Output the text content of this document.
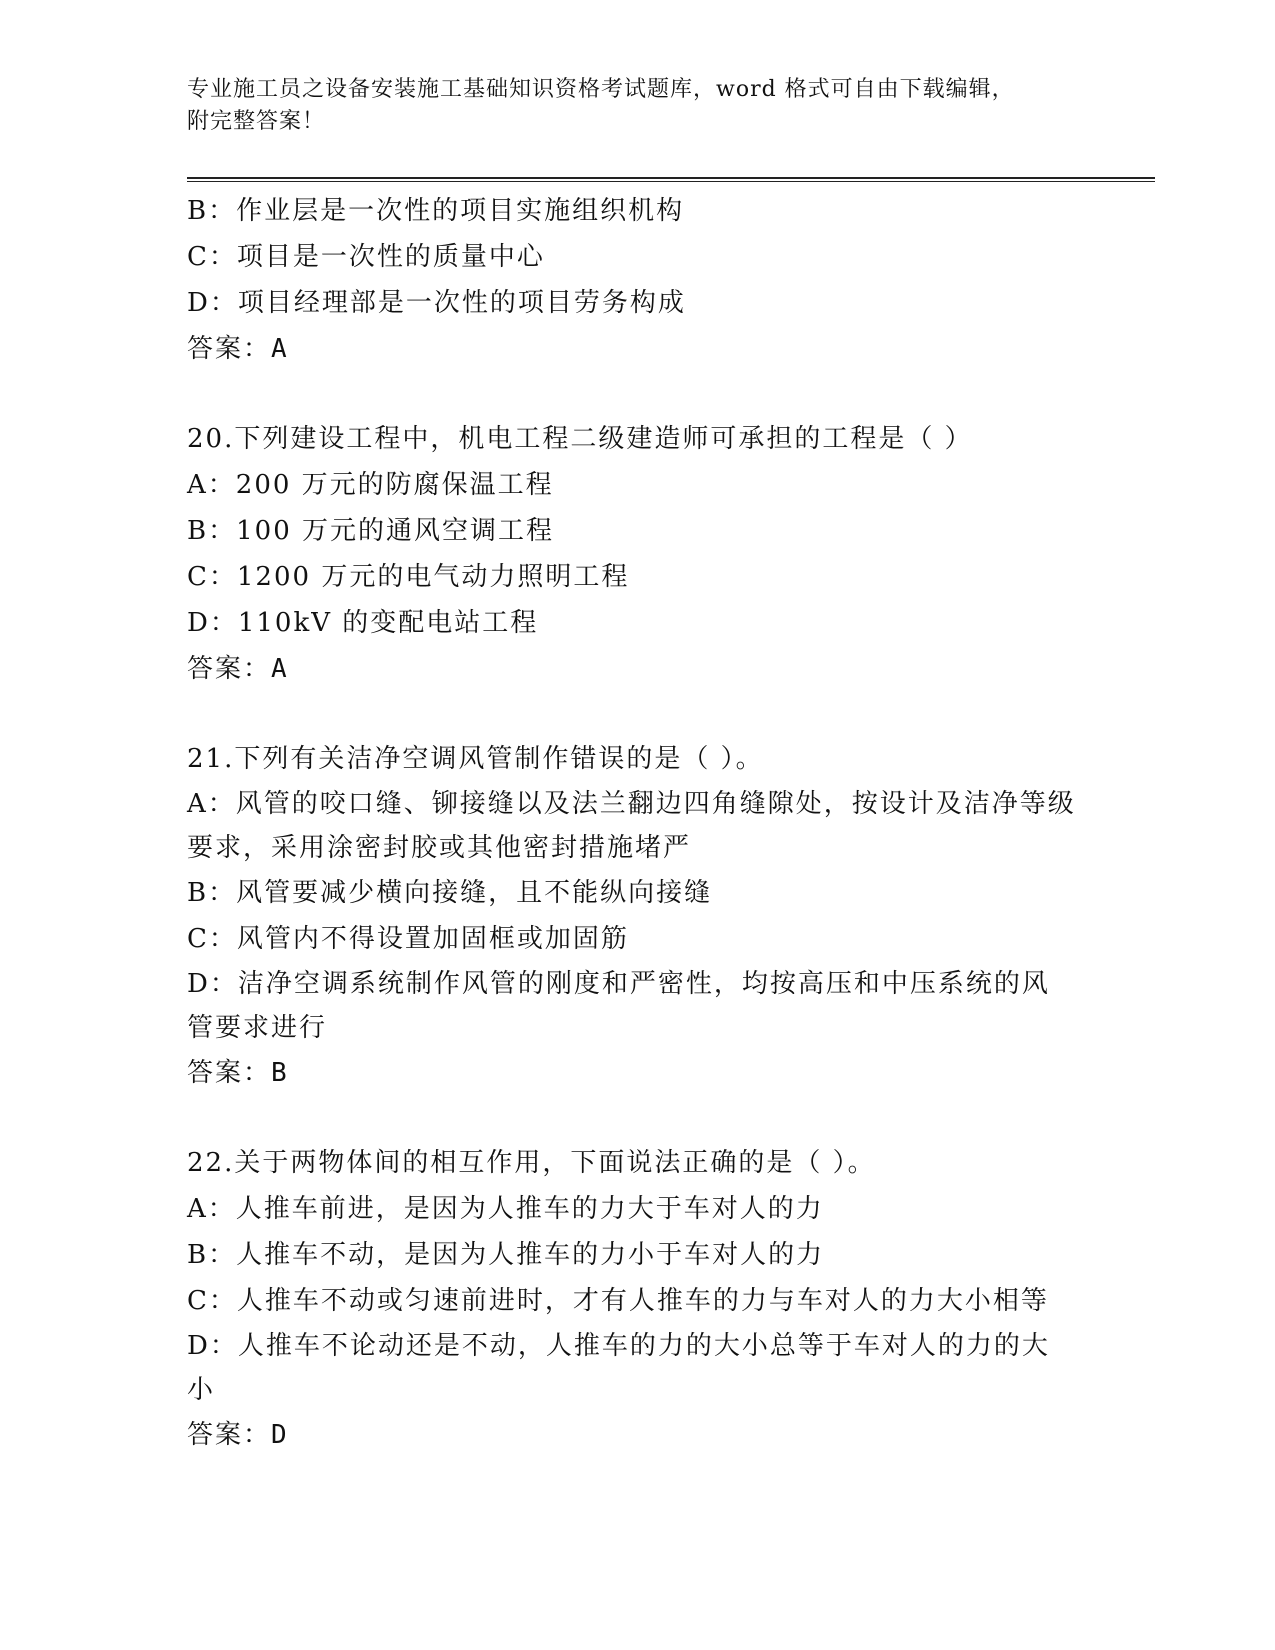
专业施工员之设备安装施工基础知识资格考试题库，word 格式可自由下载编辑，
附完整答案！

B：作业层是一次性的项目实施组织机构

C：项目是一次性的质量中心

D：项目经理部是一次性的项目劳务构成

答案：A

20.下列建设工程中，机电工程二级建造师可承担的工程是（ ）

A：200 万元的防腐保温工程

B：100 万元的通风空调工程

C：1200 万元的电气动力照明工程

D：110kV 的变配电站工程

答案：A

21.下列有关洁净空调风管制作错误的是（ ）。

A：风管的咬口缝、铆接缝以及法兰翻边四角缝隙处，按设计及洁净等级要求，采用涂密封胶或其他密封措施堵严

B：风管要减少横向接缝，且不能纵向接缝

C：风管内不得设置加固框或加固筋

D：洁净空调系统制作风管的刚度和严密性，均按高压和中压系统的风管要求进行

答案：B

22.关于两物体间的相互作用，下面说法正确的是（ ）。

A：人推车前进，是因为人推车的力大于车对人的力

B：人推车不动，是因为人推车的力小于车对人的力

C：人推车不动或匀速前进时，才有人推车的力与车对人的力大小相等

D：人推车不论动还是不动，人推车的力的大小总等于车对人的力的大小

答案：D
